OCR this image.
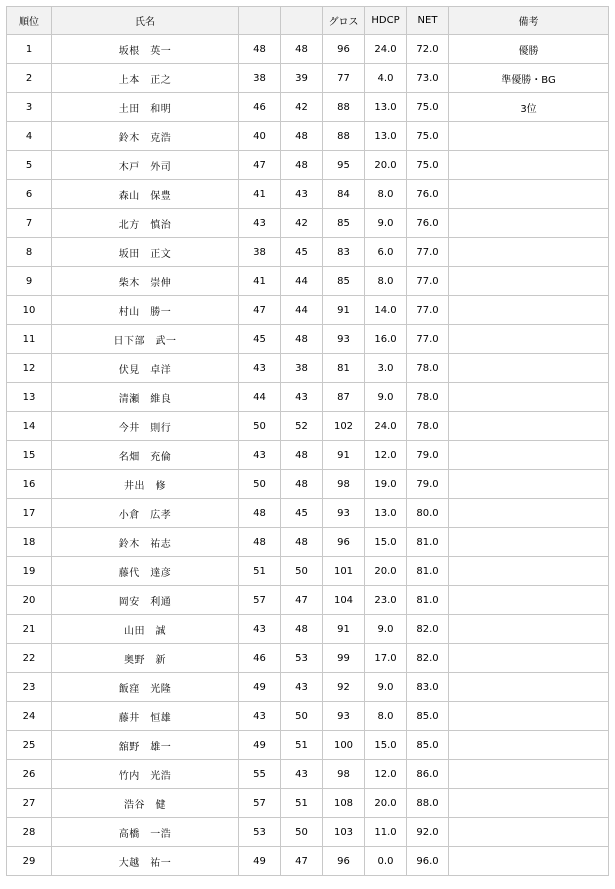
順位	氏名			グロス	HDCP	NET	備考
1	坂根　英一	48	48	96	24.0	72.0	優勝
2	上本　正之	38	39	77	4.0	73.0	準優勝・BG
3	土田　和明	46	42	88	13.0	75.0	3位
4	鈴木　克浩	40	48	88	13.0	75.0	
5	木戸　外司	47	48	95	20.0	75.0	
6	森山　保豊	41	43	84	8.0	76.0	
7	北方　慎治	43	42	85	9.0	76.0	
8	坂田　正文	38	45	83	6.0	77.0	
9	柴木　崇伸	41	44	85	8.0	77.0	
10	村山　勝一	47	44	91	14.0	77.0	
11	日下部　武一	45	48	93	16.0	77.0	
12	伏見　卓洋	43	38	81	3.0	78.0	
13	清瀬　維良	44	43	87	9.0	78.0	
14	今井　則行	50	52	102	24.0	78.0	
15	名畑　充倫	43	48	91	12.0	79.0	
16	井出　修	50	48	98	19.0	79.0	
17	小倉　広孝	48	45	93	13.0	80.0	
18	鈴木　祐志	48	48	96	15.0	81.0	
19	藤代　達彦	51	50	101	20.0	81.0	
20	岡安　利通	57	47	104	23.0	81.0	
21	山田　誠	43	48	91	9.0	82.0	
22	奥野　新	46	53	99	17.0	82.0	
23	飯窪　光隆	49	43	92	9.0	83.0	
24	藤井　恒雄	43	50	93	8.0	85.0	
25	舘野　雄一	49	51	100	15.0	85.0	
26	竹内　光浩	55	43	98	12.0	86.0	
27	浩谷　健	57	51	108	20.0	88.0	
28	高橋　一浩	53	50	103	11.0	92.0	
29	大越　祐一	49	47	96	0.0	96.0	
